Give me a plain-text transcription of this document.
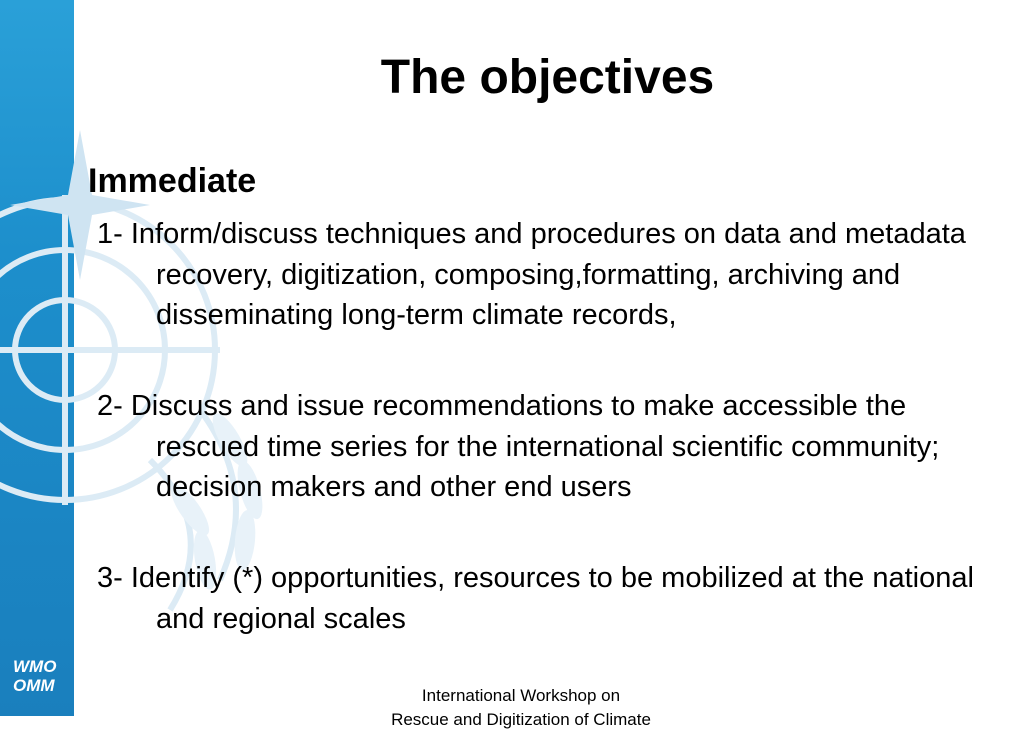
The objectives
Immediate
1- Inform/discuss techniques and procedures on data and metadata recovery, digitization, composing,formatting, archiving and disseminating long-term climate records,
2- Discuss and issue recommendations to make accessible the rescued time series for the international scientific community; decision makers and other end users
3- Identify (*) opportunities, resources to be mobilized at the national and regional scales
WMO
OMM
International Workshop on
Rescue and Digitization of Climate
